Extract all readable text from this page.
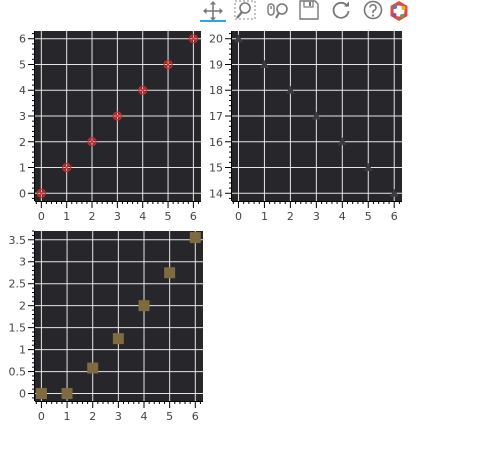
0 1 2 3 4 5 6
0
1
2
3
4
5
6
0 1 2 3 4 5 6
14
15
16
17
18
19
20
0 1 2 3 4 5 6
0
0.5
1
1.5
2
2.5
3
3.5
